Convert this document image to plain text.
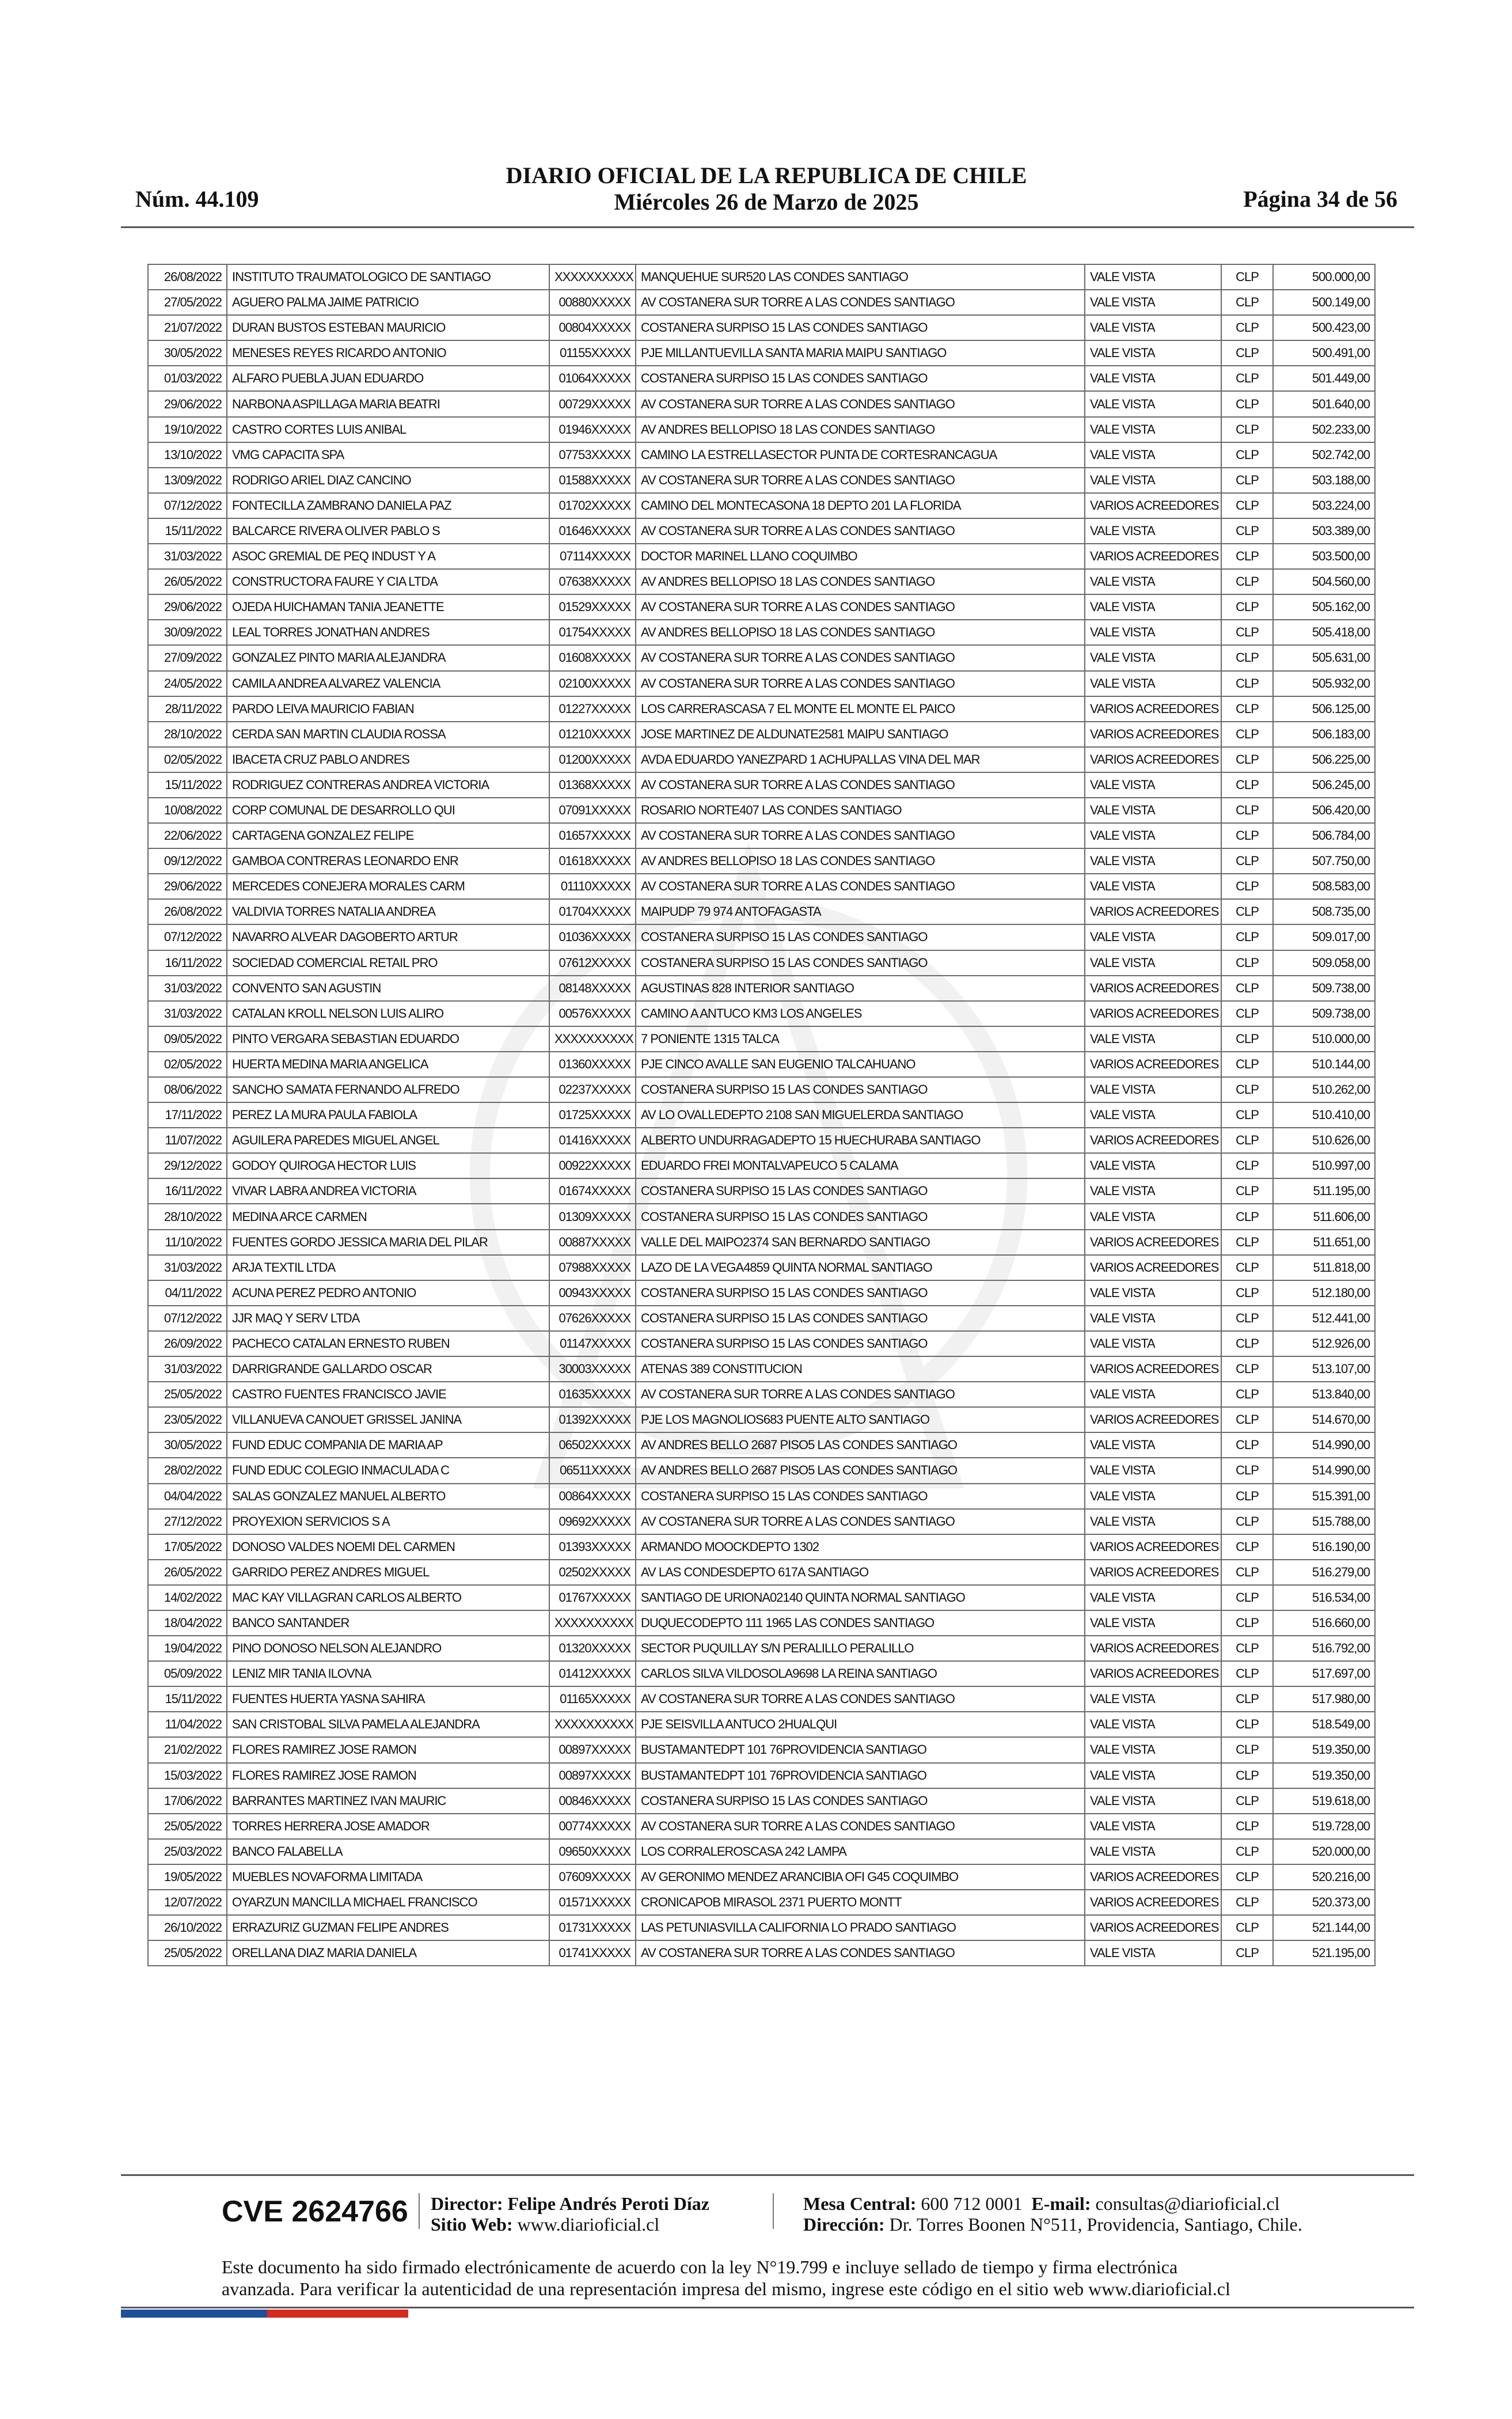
Núm. 44.109
DIARIO OFICIAL DE LA REPUBLICA DE CHILE
Miércoles 26 de Marzo de 2025	Página 34 de 56
26/08/2022	INSTITUTO TRAUMATOLOGICO DE SANTIAGO	XXXXXXXXXX	MANQUEHUE SUR520 LAS CONDES SANTIAGO	VALE VISTA	CLP	500.000,00
27/05/2022	AGUERO PALMA JAIME PATRICIO	00880XXXXX	AV COSTANERA SUR TORRE A LAS CONDES SANTIAGO	VALE VISTA	CLP	500.149,00
21/07/2022	DURAN BUSTOS ESTEBAN MAURICIO	00804XXXXX	COSTANERA SURPISO 15 LAS CONDES SANTIAGO	VALE VISTA	CLP	500.423,00
30/05/2022	MENESES REYES RICARDO ANTONIO	01155XXXXX	PJE MILLANTUEVILLA SANTA MARIA MAIPU SANTIAGO	VALE VISTA	CLP	500.491,00
01/03/2022	ALFARO PUEBLA JUAN EDUARDO	01064XXXXX	COSTANERA SURPISO 15 LAS CONDES SANTIAGO	VALE VISTA	CLP	501.449,00
29/06/2022	NARBONA ASPILLAGA MARIA BEATRI	00729XXXXX	AV COSTANERA SUR TORRE A LAS CONDES SANTIAGO	VALE VISTA	CLP	501.640,00
19/10/2022	CASTRO CORTES LUIS ANIBAL	01946XXXXX	AV ANDRES BELLOPISO 18 LAS CONDES SANTIAGO	VALE VISTA	CLP	502.233,00
13/10/2022	VMG CAPACITA SPA	07753XXXXX	CAMINO LA ESTRELLASECTOR PUNTA DE CORTESRANCAGUA	VALE VISTA	CLP	502.742,00
13/09/2022	RODRIGO ARIEL DIAZ CANCINO	01588XXXXX	AV COSTANERA SUR TORRE A LAS CONDES SANTIAGO	VALE VISTA	CLP	503.188,00
07/12/2022	FONTECILLA ZAMBRANO DANIELA PAZ	01702XXXXX	CAMINO DEL MONTECASONA 18 DEPTO 201 LA FLORIDA	VARIOS ACREEDORES	CLP	503.224,00
15/11/2022	BALCARCE RIVERA OLIVER PABLO S	01646XXXXX	AV COSTANERA SUR TORRE A LAS CONDES SANTIAGO	VALE VISTA	CLP	503.389,00
31/03/2022	ASOC GREMIAL DE PEQ INDUST Y A	07114XXXXX	DOCTOR MARINEL LLANO COQUIMBO	VARIOS ACREEDORES	CLP	503.500,00
26/05/2022	CONSTRUCTORA FAURE Y CIA LTDA	07638XXXXX	AV ANDRES BELLOPISO 18 LAS CONDES SANTIAGO	VALE VISTA	CLP	504.560,00
29/06/2022	OJEDA HUICHAMAN TANIA JEANETTE	01529XXXXX	AV COSTANERA SUR TORRE A LAS CONDES SANTIAGO	VALE VISTA	CLP	505.162,00
30/09/2022	LEAL TORRES JONATHAN ANDRES	01754XXXXX	AV ANDRES BELLOPISO 18 LAS CONDES SANTIAGO	VALE VISTA	CLP	505.418,00
27/09/2022	GONZALEZ PINTO MARIA ALEJANDRA	01608XXXXX	AV COSTANERA SUR TORRE A LAS CONDES SANTIAGO	VALE VISTA	CLP	505.631,00
24/05/2022	CAMILA ANDREA ALVAREZ VALENCIA	02100XXXXX	AV COSTANERA SUR TORRE A LAS CONDES SANTIAGO	VALE VISTA	CLP	505.932,00
28/11/2022	PARDO LEIVA MAURICIO FABIAN	01227XXXXX	LOS CARRERASCASA 7 EL MONTE EL MONTE EL PAICO	VARIOS ACREEDORES	CLP	506.125,00
28/10/2022	CERDA SAN MARTIN CLAUDIA ROSSA	01210XXXXX	JOSE MARTINEZ DE ALDUNATE2581 MAIPU SANTIAGO	VARIOS ACREEDORES	CLP	506.183,00
02/05/2022	IBACETA CRUZ PABLO ANDRES	01200XXXXX	AVDA EDUARDO YANEZPARD 1 ACHUPALLAS VINA DEL MAR	VARIOS ACREEDORES	CLP	506.225,00
15/11/2022	RODRIGUEZ CONTRERAS ANDREA VICTORIA	01368XXXXX	AV COSTANERA SUR TORRE A LAS CONDES SANTIAGO	VALE VISTA	CLP	506.245,00
10/08/2022	CORP COMUNAL DE DESARROLLO QUI	07091XXXXX	ROSARIO NORTE407 LAS CONDES SANTIAGO	VALE VISTA	CLP	506.420,00
22/06/2022	CARTAGENA GONZALEZ FELIPE	01657XXXXX	AV COSTANERA SUR TORRE A LAS CONDES SANTIAGO	VALE VISTA	CLP	506.784,00
09/12/2022	GAMBOA CONTRERAS LEONARDO ENR	01618XXXXX	AV ANDRES BELLOPISO 18 LAS CONDES SANTIAGO	VALE VISTA	CLP	507.750,00
29/06/2022	MERCEDES CONEJERA MORALES CARM	01110XXXXX	AV COSTANERA SUR TORRE A LAS CONDES SANTIAGO	VALE VISTA	CLP	508.583,00
26/08/2022	VALDIVIA TORRES NATALIA ANDREA	01704XXXXX	MAIPUDP 79 974 ANTOFAGASTA	VARIOS ACREEDORES	CLP	508.735,00
07/12/2022	NAVARRO ALVEAR DAGOBERTO ARTUR	01036XXXXX	COSTANERA SURPISO 15 LAS CONDES SANTIAGO	VALE VISTA	CLP	509.017,00
16/11/2022	SOCIEDAD COMERCIAL RETAIL PRO	07612XXXXX	COSTANERA SURPISO 15 LAS CONDES SANTIAGO	VALE VISTA	CLP	509.058,00
31/03/2022	CONVENTO SAN AGUSTIN	08148XXXXX	AGUSTINAS 828 INTERIOR SANTIAGO	VARIOS ACREEDORES	CLP	509.738,00
31/03/2022	CATALAN KROLL NELSON LUIS ALIRO	00576XXXXX	CAMINO A ANTUCO KM3 LOS ANGELES	VARIOS ACREEDORES	CLP	509.738,00
09/05/2022	PINTO VERGARA SEBASTIAN EDUARDO	XXXXXXXXXX	7 PONIENTE 1315 TALCA	VALE VISTA	CLP	510.000,00
02/05/2022	HUERTA MEDINA MARIA ANGELICA	01360XXXXX	PJE CINCO AVALLE SAN EUGENIO TALCAHUANO	VARIOS ACREEDORES	CLP	510.144,00
08/06/2022	SANCHO SAMATA FERNANDO ALFREDO	02237XXXXX	COSTANERA SURPISO 15 LAS CONDES SANTIAGO	VALE VISTA	CLP	510.262,00
17/11/2022	PEREZ LA MURA PAULA FABIOLA	01725XXXXX	AV LO OVALLEDEPTO 2108 SAN MIGUELERDA SANTIAGO	VALE VISTA	CLP	510.410,00
11/07/2022	AGUILERA PAREDES MIGUEL ANGEL	01416XXXXX	ALBERTO UNDURRAGADEPTO 15 HUECHURABA SANTIAGO	VARIOS ACREEDORES	CLP	510.626,00
29/12/2022	GODOY QUIROGA HECTOR LUIS	00922XXXXX	EDUARDO FREI MONTALVAPEUCO 5 CALAMA	VALE VISTA	CLP	510.997,00
16/11/2022	VIVAR LABRA ANDREA VICTORIA	01674XXXXX	COSTANERA SURPISO 15 LAS CONDES SANTIAGO	VALE VISTA	CLP	511.195,00
28/10/2022	MEDINA ARCE CARMEN	01309XXXXX	COSTANERA SURPISO 15 LAS CONDES SANTIAGO	VALE VISTA	CLP	511.606,00
11/10/2022	FUENTES GORDO JESSICA MARIA DEL PILAR	00887XXXXX	VALLE DEL MAIPO2374 SAN BERNARDO SANTIAGO	VARIOS ACREEDORES	CLP	511.651,00
31/03/2022	ARJA TEXTIL LTDA	07988XXXXX	LAZO DE LA VEGA4859 QUINTA NORMAL SANTIAGO	VARIOS ACREEDORES	CLP	511.818,00
04/11/2022	ACUNA PEREZ PEDRO ANTONIO	00943XXXXX	COSTANERA SURPISO 15 LAS CONDES SANTIAGO	VALE VISTA	CLP	512.180,00
07/12/2022	JJR MAQ Y SERV LTDA	07626XXXXX	COSTANERA SURPISO 15 LAS CONDES SANTIAGO	VALE VISTA	CLP	512.441,00
26/09/2022	PACHECO CATALAN ERNESTO RUBEN	01147XXXXX	COSTANERA SURPISO 15 LAS CONDES SANTIAGO	VALE VISTA	CLP	512.926,00
31/03/2022	DARRIGRANDE GALLARDO OSCAR	30003XXXXX	ATENAS 389 CONSTITUCION	VARIOS ACREEDORES	CLP	513.107,00
25/05/2022	CASTRO FUENTES FRANCISCO JAVIE	01635XXXXX	AV COSTANERA SUR TORRE A LAS CONDES SANTIAGO	VALE VISTA	CLP	513.840,00
23/05/2022	VILLANUEVA CANOUET GRISSEL JANINA	01392XXXXX	PJE LOS MAGNOLIOS683 PUENTE ALTO SANTIAGO	VARIOS ACREEDORES	CLP	514.670,00
30/05/2022	FUND EDUC COMPANIA DE MARIA AP	06502XXXXX	AV ANDRES BELLO 2687 PISO5 LAS CONDES SANTIAGO	VALE VISTA	CLP	514.990,00
28/02/2022	FUND EDUC COLEGIO INMACULADA C	06511XXXXX	AV ANDRES BELLO 2687 PISO5 LAS CONDES SANTIAGO	VALE VISTA	CLP	514.990,00
04/04/2022	SALAS GONZALEZ MANUEL ALBERTO	00864XXXXX	COSTANERA SURPISO 15 LAS CONDES SANTIAGO	VALE VISTA	CLP	515.391,00
27/12/2022	PROYEXION SERVICIOS S A	09692XXXXX	AV COSTANERA SUR TORRE A LAS CONDES SANTIAGO	VALE VISTA	CLP	515.788,00
17/05/2022	DONOSO VALDES NOEMI DEL CARMEN	01393XXXXX	ARMANDO MOOCKDEPTO 1302	VARIOS ACREEDORES	CLP	516.190,00
26/05/2022	GARRIDO PEREZ ANDRES MIGUEL	02502XXXXX	AV LAS CONDESDEPTO 617A SANTIAGO	VARIOS ACREEDORES	CLP	516.279,00
14/02/2022	MAC KAY VILLAGRAN CARLOS ALBERTO	01767XXXXX	SANTIAGO DE URIONA02140 QUINTA NORMAL SANTIAGO	VALE VISTA	CLP	516.534,00
18/04/2022	BANCO SANTANDER	XXXXXXXXXX	DUQUECODEPTO 111 1965 LAS CONDES SANTIAGO	VALE VISTA	CLP	516.660,00
19/04/2022	PINO DONOSO NELSON ALEJANDRO	01320XXXXX	SECTOR PUQUILLAY S/N PERALILLO PERALILLO	VARIOS ACREEDORES	CLP	516.792,00
05/09/2022	LENIZ MIR TANIA ILOVNA	01412XXXXX	CARLOS SILVA VILDOSOLA9698 LA REINA SANTIAGO	VARIOS ACREEDORES	CLP	517.697,00
15/11/2022	FUENTES HUERTA YASNA SAHIRA	01165XXXXX	AV COSTANERA SUR TORRE A LAS CONDES SANTIAGO	VALE VISTA	CLP	517.980,00
11/04/2022	SAN CRISTOBAL SILVA PAMELA ALEJANDRA	XXXXXXXXXX	PJE SEISVILLA ANTUCO 2HUALQUI	VALE VISTA	CLP	518.549,00
21/02/2022	FLORES RAMIREZ JOSE RAMON	00897XXXXX	BUSTAMANTEDPT 101 76PROVIDENCIA SANTIAGO	VALE VISTA	CLP	519.350,00
15/03/2022	FLORES RAMIREZ JOSE RAMON	00897XXXXX	BUSTAMANTEDPT 101 76PROVIDENCIA SANTIAGO	VALE VISTA	CLP	519.350,00
17/06/2022	BARRANTES MARTINEZ IVAN MAURIC	00846XXXXX	COSTANERA SURPISO 15 LAS CONDES SANTIAGO	VALE VISTA	CLP	519.618,00
25/05/2022	TORRES HERRERA JOSE AMADOR	00774XXXXX	AV COSTANERA SUR TORRE A LAS CONDES SANTIAGO	VALE VISTA	CLP	519.728,00
25/03/2022	BANCO FALABELLA	09650XXXXX	LOS CORRALEROSCASA 242 LAMPA	VALE VISTA	CLP	520.000,00
19/05/2022	MUEBLES NOVAFORMA LIMITADA	07609XXXXX	AV GERONIMO MENDEZ ARANCIBIA OFI G45 COQUIMBO	VARIOS ACREEDORES	CLP	520.216,00
12/07/2022	OYARZUN MANCILLA MICHAEL FRANCISCO	01571XXXXX	CRONICAPOB MIRASOL 2371 PUERTO MONTT	VARIOS ACREEDORES	CLP	520.373,00
26/10/2022	ERRAZURIZ GUZMAN FELIPE ANDRES	01731XXXXX	LAS PETUNIASVILLA CALIFORNIA LO PRADO SANTIAGO	VARIOS ACREEDORES	CLP	521.144,00
25/05/2022	ORELLANA DIAZ MARIA DANIELA	01741XXXXX	AV COSTANERA SUR TORRE A LAS CONDES SANTIAGO	VALE VISTA	CLP	521.195,00
CVE 2624766 Director: Felipe Andrés Peroti Díaz
Sitio Web: www.diarioficial.cl
Mesa Central: 600 712 0001 E-mail: consultas@diarioficial.cl
Dirección: Dr. Torres Boonen N°511, Providencia, Santiago, Chile.
Este documento ha sido firmado electrónicamente de acuerdo con la ley N°19.799 e incluye sellado de tiempo y firma electrónica
avanzada. Para verificar la autenticidad de una representación impresa del mismo, ingrese este código en el sitio web www.diarioficial.cl
